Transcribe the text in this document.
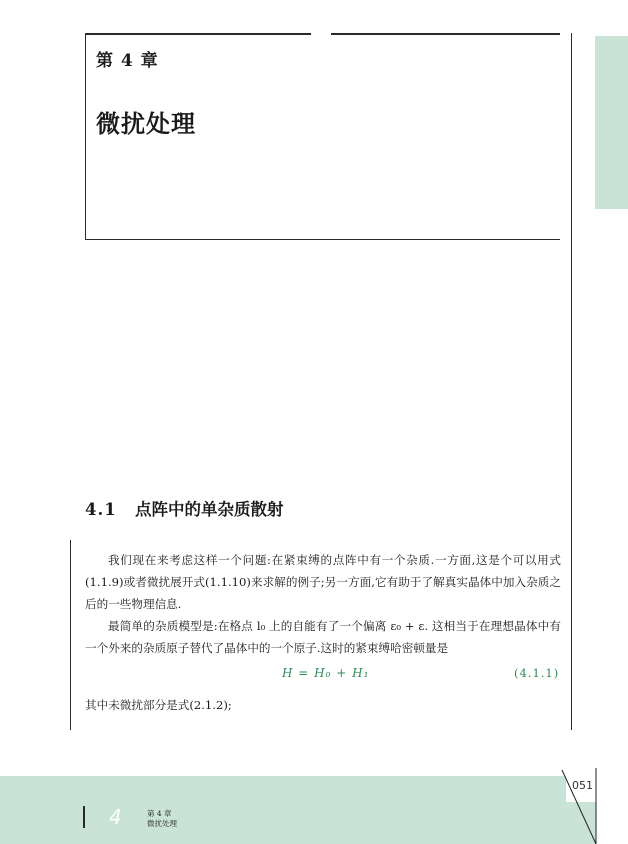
第 4 章
微扰处理
4.1 点阵中的单杂质散射

我们现在来考虑这样一个问题:在紧束缚的点阵中有一个杂质.一方面,这是个可以用式(1.1.9)或者微扰展开式(1.1.10)来求解的例子;另一方面,它有助于了解真实晶体中加入杂质之后的一些物理信息.

最简单的杂质模型是:在格点 l₀ 上的自能有了一个偏离 ε₀ + ε. 这相当于在理想晶体中有一个外来的杂质原子替代了晶体中的一个原子.这时的紧束缚哈密顿量是

H = H₀ + H₁	(4.1.1)
其中未微扰部分是式(2.1.2);
051
4	第 4 章
微扰处理
